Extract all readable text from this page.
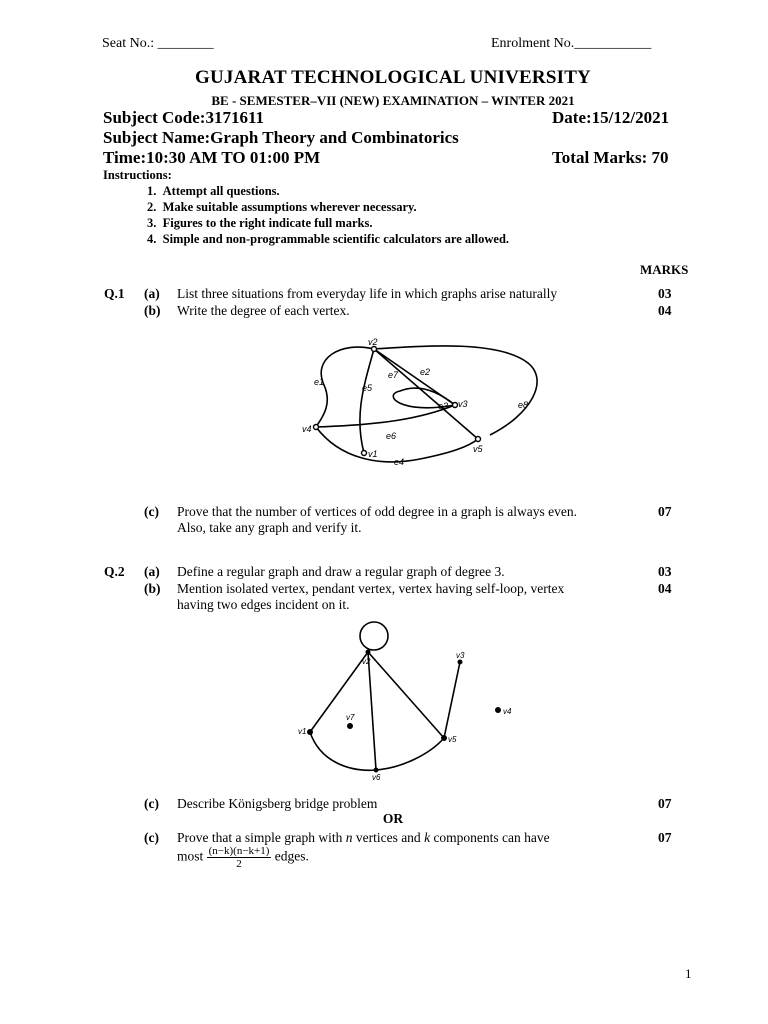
Seat No.: ________	Enrolment No.___________
GUJARAT TECHNOLOGICAL UNIVERSITY
BE - SEMESTER–VII (NEW) EXAMINATION – WINTER 2021
Subject Code:3171611	Date:15/12/2021
Subject Name:Graph Theory and Combinatorics
Time:10:30 AM TO 01:00 PM	Total Marks: 70
Instructions:
1. Attempt all questions.
2. Make suitable assumptions wherever necessary.
3. Figures to the right indicate full marks.
4. Simple and non-programmable scientific calculators are allowed.
MARKS
Q.1 (a) List three situations from everyday life in which graphs arise naturally	03
(b) Write the degree of each vertex.	04
v2
v3
v4
v1	v5
e1
e2
e3
e4
e5
e6
e7
e8
(c) Prove that the number of vertices of odd degree in a graph is always even.
Also, take any graph and verify it.
07
Q.2 (a) Define a regular graph and draw a regular graph of degree 3.	03
(b) Mention isolated vertex, pendant vertex, vertex having self-loop, vertex
having two edges incident on it.
04
v2
v1
v6
v5
v3
v4
v7
(c) Describe Königsberg bridge problem	07
OR
(c) Prove that a simple graph with n vertices and k components can have
most $\frac{(n-k)(n-k+1)}{2}$ edges.
07
1
